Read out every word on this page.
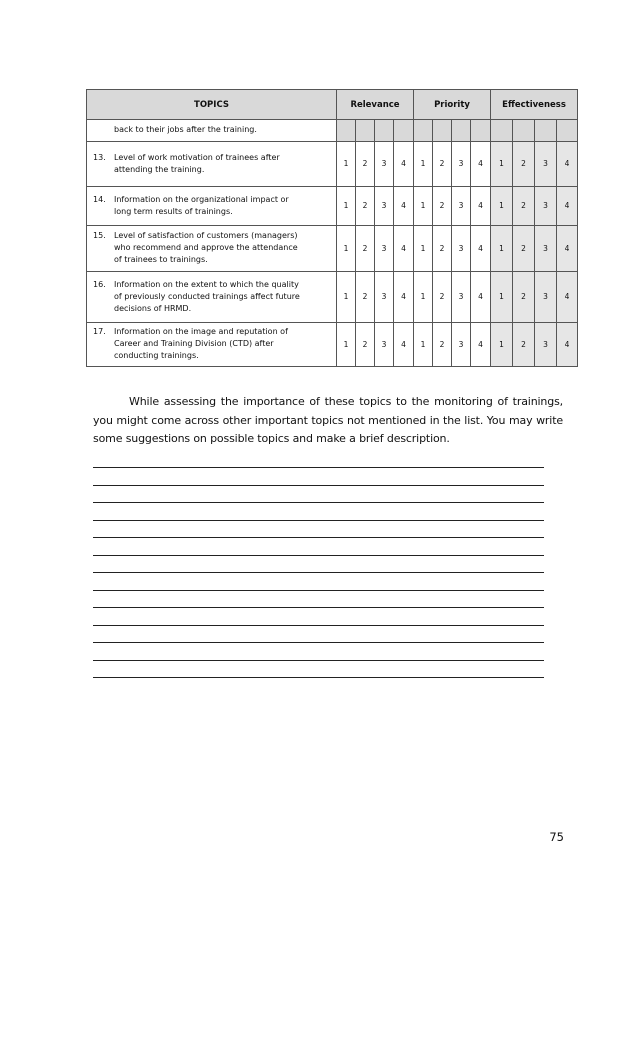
TOPICS	Relevance				Priority				Effectiveness			
back to their jobs after the training.												

13. Level of work motivation of trainees after
attending the training.	1	2	3	4	1	2	3	4	1	2	3	4

14. Information on the organizational impact or
long term results of trainings.	1	2	3	4	1	2	3	4	1	2	3	4

15. Level of satisfaction of customers (managers)
who recommend and approve the attendance
of trainees to trainings.	1	2	3	4	1	2	3	4	1	2	3	4

16. Information on the extent to which the quality
of previously conducted trainings affect future
decisions of HRMD.	1	2	3	4	1	2	3	4	1	2	3	4

17. Information on the image and reputation of
Career and Training Division (CTD) after
conducting trainings.	1	2	3	4	1	2	3	4	1	2	3	4

While assessing the importance of these topics to the monitoring of trainings, you might come across other important topics not mentioned in the list. You may write some suggestions on possible topics and make a brief description.

75
